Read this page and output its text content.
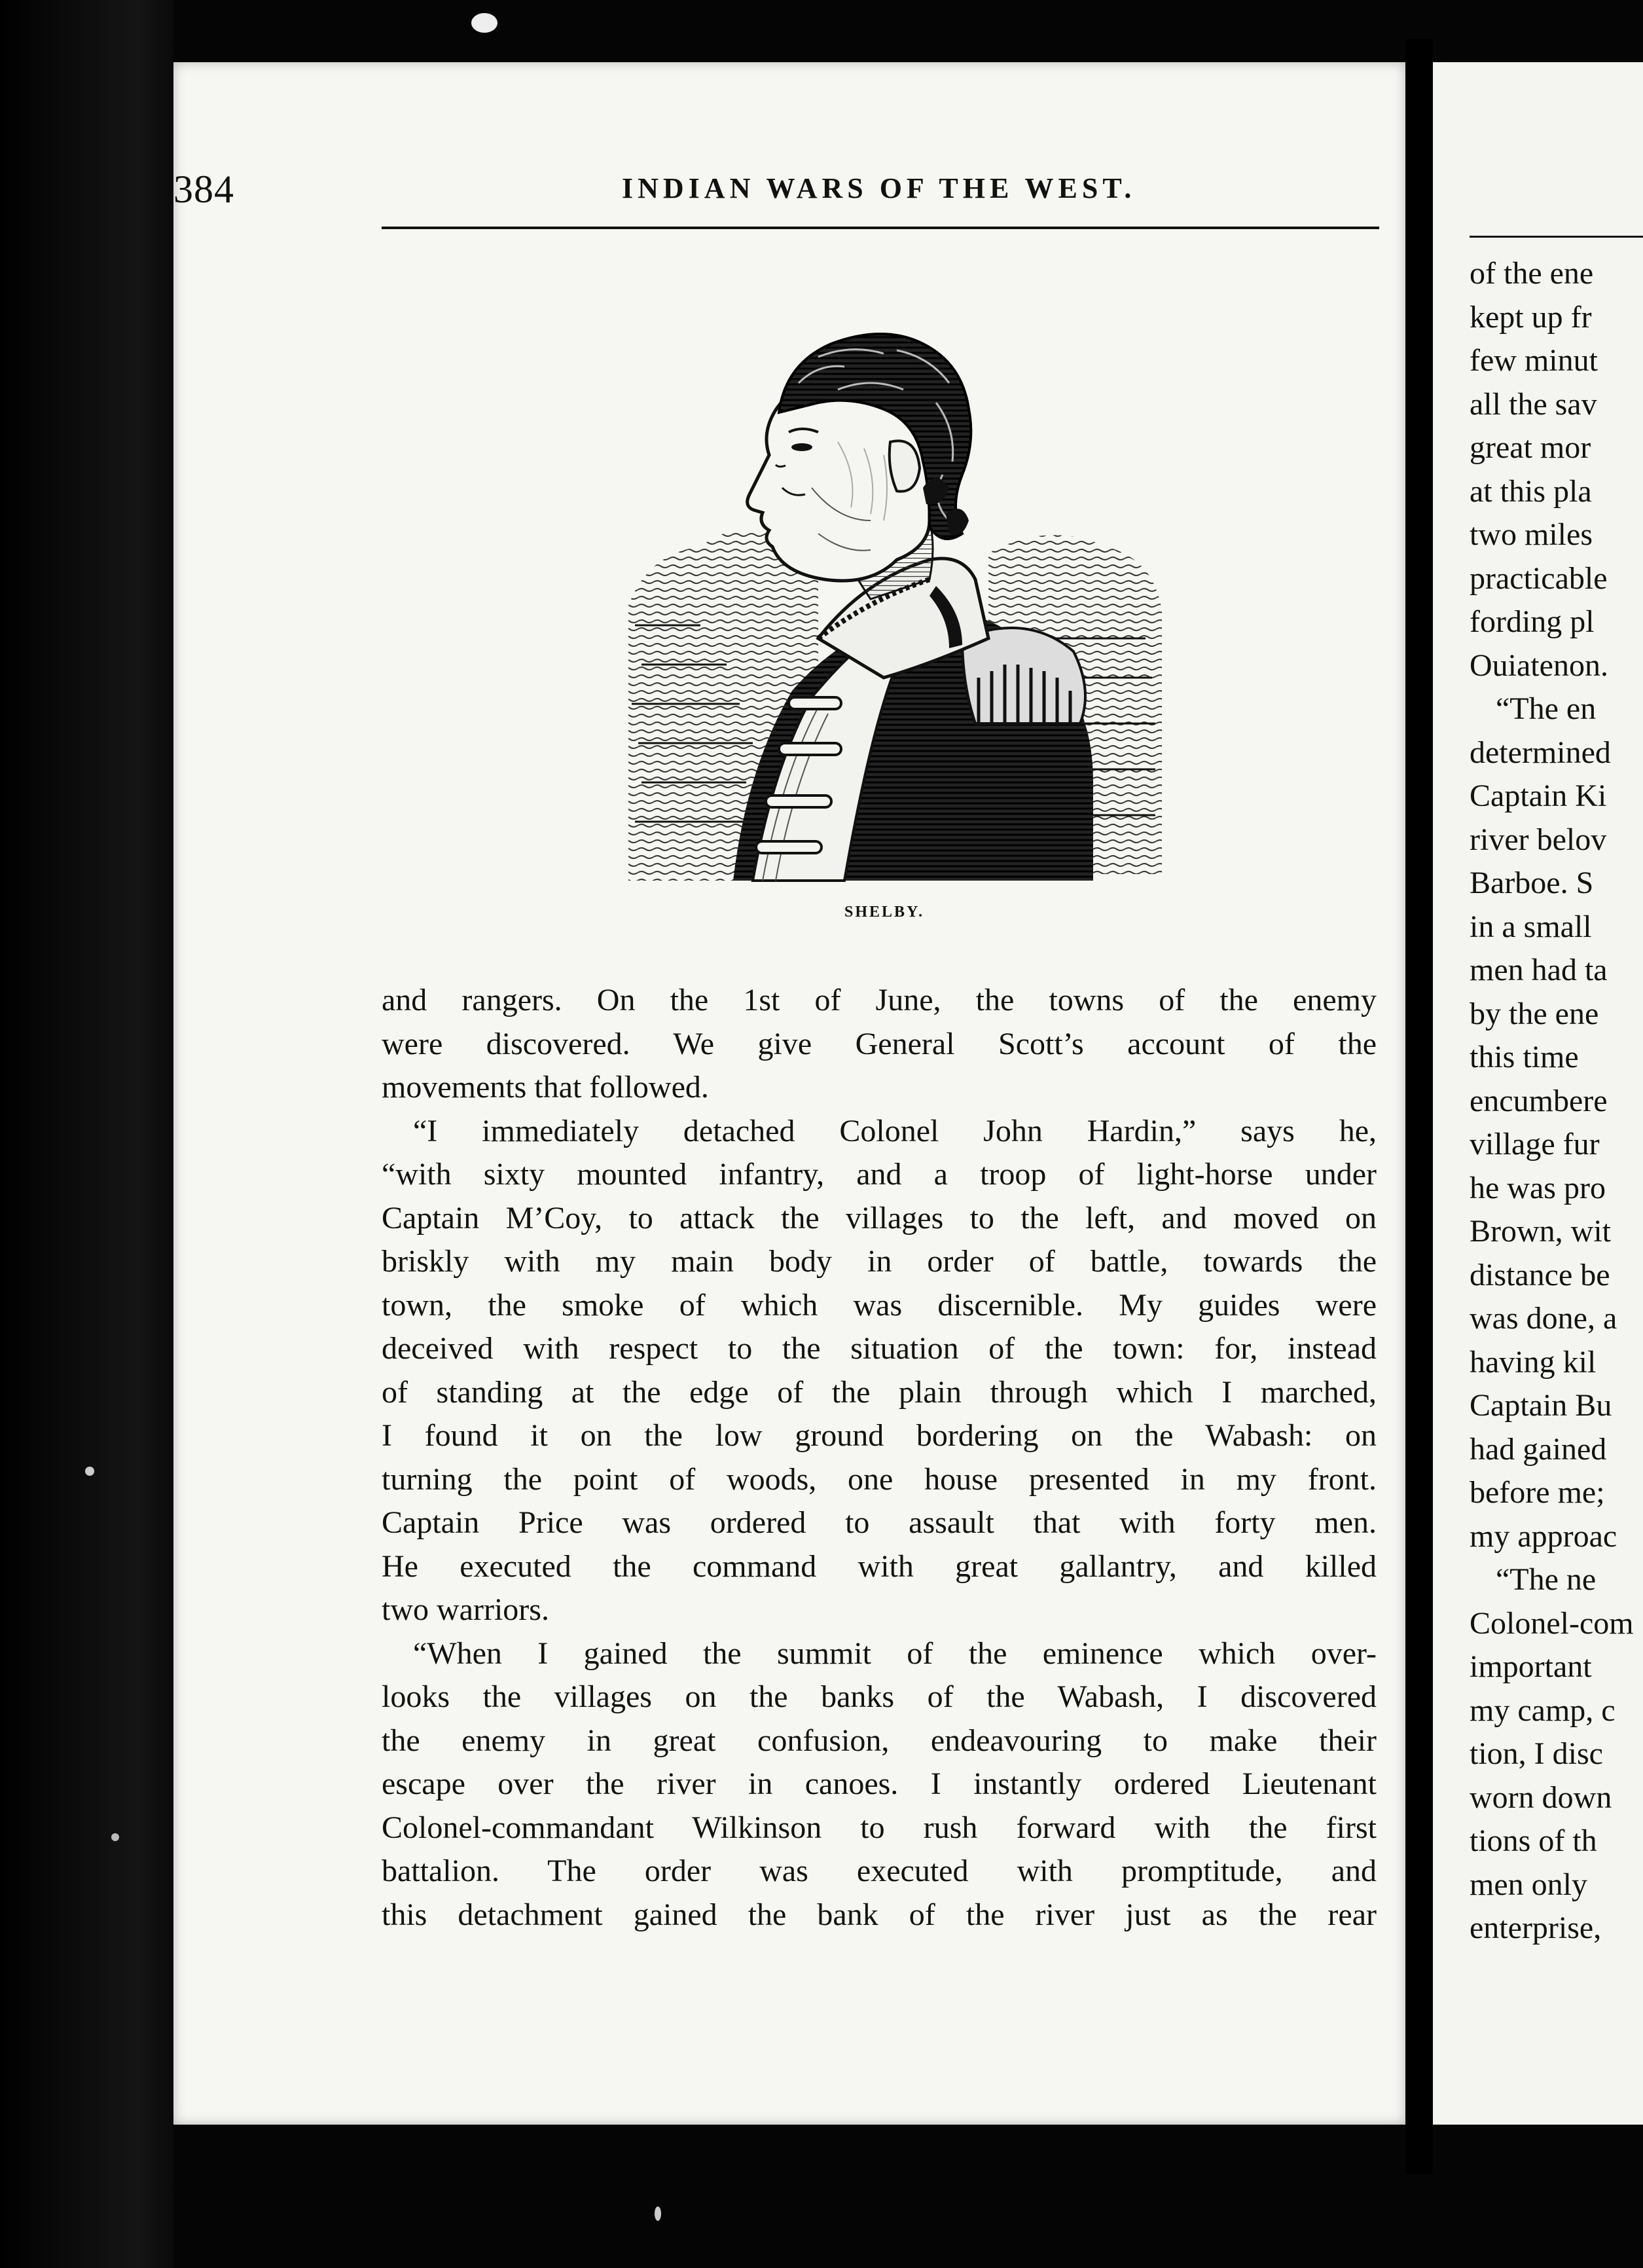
384	INDIAN WARS OF THE WEST.
SHELBY.
and rangers. On the 1st of June, the towns of the enemy
were discovered. We give General Scott’s account of the
movements that followed.
“I immediately detached Colonel John Hardin,” says he,
“with sixty mounted infantry, and a troop of light-horse under
Captain M’Coy, to attack the villages to the left, and moved on
briskly with my main body in order of battle, towards the
town, the smoke of which was discernible. My guides were
deceived with respect to the situation of the town: for, instead
of standing at the edge of the plain through which I marched,
I found it on the low ground bordering on the Wabash: on
turning the point of woods, one house presented in my front.
Captain Price was ordered to assault that with forty men.
He executed the command with great gallantry, and killed
two warriors.
“When I gained the summit of the eminence which over-
looks the villages on the banks of the Wabash, I discovered
the enemy in great confusion, endeavouring to make their
escape over the river in canoes. I instantly ordered Lieutenant
Colonel-commandant Wilkinson to rush forward with the first
battalion. The order was executed with promptitude, and
this detachment gained the bank of the river just as the rear
of the ene
kept up fr
few minut
all the sav
great mor
at this pla
two miles
practicable
fording pl
Ouiatenon.
“The en
determined
Captain Ki
river belov
Barboe. S
in a small
men had ta
by the ene
this time
encumbere
village fur
he was pro
Brown, wit
distance be
was done, a
having kil
Captain Bu
had gained
before me;
my approac
“The ne
Colonel-com
important
my camp, c
tion, I disc
worn down
tions of th
men only
enterprise,
